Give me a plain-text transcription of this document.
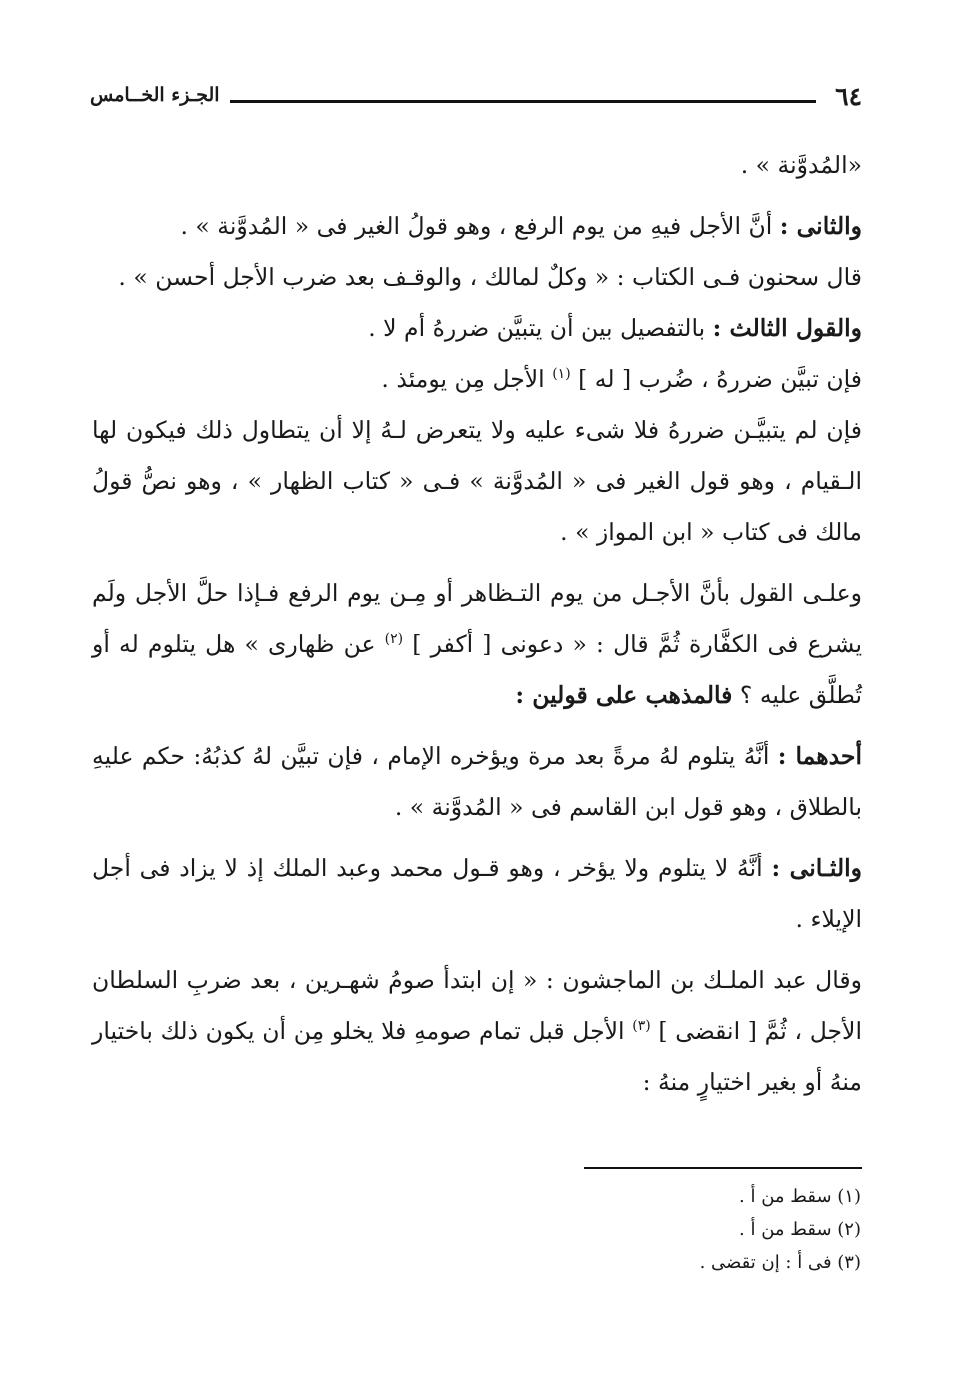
الجـزء الخــامس	٦٤

«المُدوَّنة » .

والثانى : أنَّ الأجل فيهِ من يوم الرفع ، وهو قولُ الغير فى « المُدوَّنة » .

قال سحنون فـى الكتاب : « وكلٌ لمالك ، والوقـف بعد ضرب الأجل أحسن » .

والقول الثالث : بالتفصيل بين أن يتبيَّن ضررهُ أم لا .

فإن تبيَّن ضررهُ ، ضُرب [ له ] $^{(١)}$ الأجل مِن يومئذ .

فإن لم يتبيَّـن ضررهُ فلا شىء عليه ولا يتعرض لـهُ إلا أن يتطاول ذلك فيكون لها الـقيام ، وهو قول الغير فى « المُدوَّنة » فـى « كتاب الظهار » ، وهو نصُّ قولُ مالك فى كتاب « ابن المواز » .

وعلـى القول بأنَّ الأجـل من يوم التـظاهر أو مِـن يوم الرفع فـإذا حلَّ الأجل ولَم يشرع فى الكفَّارة ثُمَّ قال : « دعونى [ أكفر ] $^{(٢)}$ عن ظهارى » هل يتلوم له أو تُطلَّق عليه ؟ فالمذهب على قولين :

أحدهما : أنَّهُ يتلوم لهُ مرةً بعد مرة ويؤخره الإمام ، فإن تبيَّن لهُ كذبُهُ: حكم عليهِ بالطلاق ، وهو قول ابن القاسم فى « المُدوَّنة » .

والثـانى : أنَّهُ لا يتلوم ولا يؤخر ، وهو قـول محمد وعبد الملك إذ لا يزاد فى أجل الإيلاء .

وقال عبد الملـك بن الماجشون : « إن ابتدأ صومُ شهـرين ، بعد ضربِ السلطان الأجل ، ثُمَّ [ انقضى ] $^{(٣)}$ الأجل قبل تمام صومهِ فلا يخلو مِن أن يكون ذلك باختيار منهُ أو بغير اختيارٍ منهُ :

(١) سقط من أ .

(٢) سقط من أ .

(٣) فى أ : إن تقضى .
